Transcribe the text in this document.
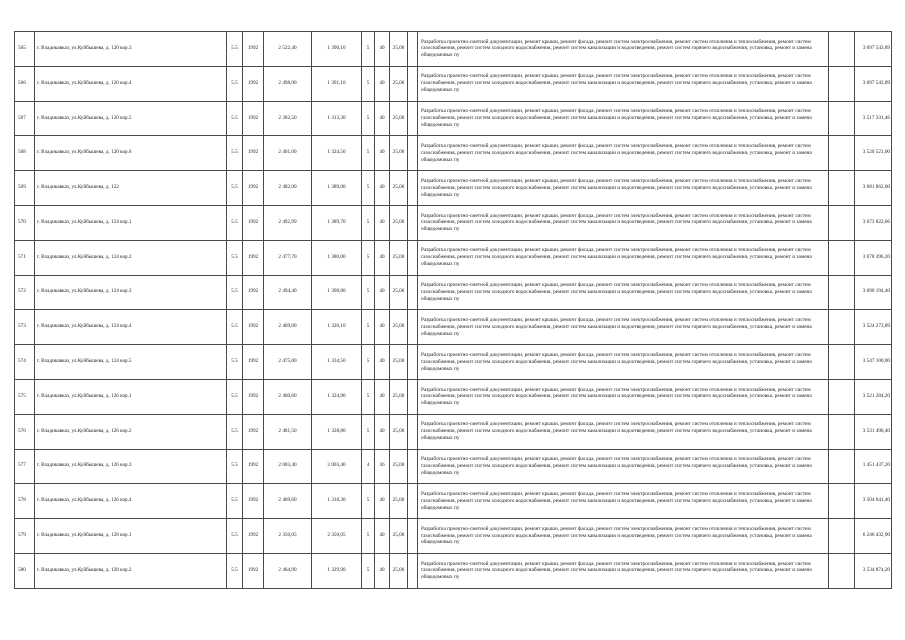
565	г. Владикавказ, ул.Куйбышева, д. 120 кор.3	5.5	1992	2 522,40	1 390,10	5	40	25,00		Разработка проектно-сметной документации, ремонт крыши, ремонт фасада, ремонт систем электроснабжения, ремонт систем отопления и теплоснабжения, ремонт систем газоснабжения, ремонт систем холодного водоснабжения, ремонт систем канализации и водоотведения, ремонт систем горячего водоснабжения, установка, ремонт и замена общедомовых пу		3 697 543,89
566	г. Владикавказ, ул.Куйбышева, д. 120 кор.4	5.5	1992	2 498,00	1 391,10	5	40	25,00		Разработка проектно-сметной документации, ремонт крыши, ремонт фасада, ремонт систем электроснабжения, ремонт систем отопления и теплоснабжения, ремонт систем газоснабжения, ремонт систем холодного водоснабжения, ремонт систем канализации и водоотведения, ремонт систем горячего водоснабжения, установка, ремонт и замена общедомовых пу		3 697 543,89
567	г. Владикавказ, ул.Куйбышева, д. 120 кор.5	5.5	1992	2 382,50	1 313,30	5	40	25,00		Разработка проектно-сметной документации, ремонт крыши, ремонт фасада, ремонт систем электроснабжения, ремонт систем отопления и теплоснабжения, ремонт систем газоснабжения, ремонт систем холодного водоснабжения, ремонт систем канализации и водоотведения, ремонт систем горячего водоснабжения, установка, ремонт и замена общедомовых пу		3 517 331,46
568	г. Владикавказ, ул.Куйбышева, д. 120 кор.6	5.5	1992	2 401,00	1 324,50	5	40	25,00		Разработка проектно-сметной документации, ремонт крыши, ремонт фасада, ремонт систем электроснабжения, ремонт систем отопления и теплоснабжения, ремонт систем газоснабжения, ремонт систем холодного водоснабжения, ремонт систем канализации и водоотведения, ремонт систем горячего водоснабжения, установка, ремонт и замена общедомовых пу		3 520 521,00
569	г. Владикавказ, ул.Куйбышева, д. 122	5.5	1992	2 482,00	1 389,00	5	40	25,00		Разработка проектно-сметной документации, ремонт крыши, ремонт фасада, ремонт систем электроснабжения, ремонт систем отопления и теплоснабжения, ремонт систем газоснабжения, ремонт систем холодного водоснабжения, ремонт систем канализации и водоотведения, ремонт систем горячего водоснабжения, установка, ремонт и замена общедомовых пу		3 681 862,00
570	г. Владикавказ, ул.Куйбышева, д. 124 кор.1	5.5	1992	2 492,99	1 389,70	5	40	25,00		Разработка проектно-сметной документации, ремонт крыши, ремонт фасада, ремонт систем электроснабжения, ремонт систем отопления и теплоснабжения, ремонт систем газоснабжения, ремонт систем холодного водоснабжения, ремонт систем канализации и водоотведения, ремонт систем горячего водоснабжения, установка, ремонт и замена общедомовых пу		3 673 822,66
571	г. Владикавказ, ул.Куйбышева, д. 124 кор.2	5.5	1992	2 477,70	1 380,00	5	40	25,00		Разработка проектно-сметной документации, ремонт крыши, ремонт фасада, ремонт систем электроснабжения, ремонт систем отопления и теплоснабжения, ремонт систем газоснабжения, ремонт систем холодного водоснабжения, ремонт систем канализации и водоотведения, ремонт систем горячего водоснабжения, установка, ремонт и замена общедомовых пу		3 678 396,20
572	г. Владикавказ, ул.Куйбышева, д. 124 кор.3	5.5	1992	2 494,40	1 398,80	5	40	25,00		Разработка проектно-сметной документации, ремонт крыши, ремонт фасада, ремонт систем электроснабжения, ремонт систем отопления и теплоснабжения, ремонт систем газоснабжения, ремонт систем холодного водоснабжения, ремонт систем канализации и водоотведения, ремонт систем горячего водоснабжения, установка, ремонт и замена общедомовых пу		3 690 194,40
573	г. Владикавказ, ул.Куйбышева, д. 124 кор.4	5.5	1992	2 469,00	1 326,10	5	40	25,00		Разработка проектно-сметной документации, ремонт крыши, ремонт фасада, ремонт систем электроснабжения, ремонт систем отопления и теплоснабжения, ремонт систем газоснабжения, ремонт систем холодного водоснабжения, ремонт систем канализации и водоотведения, ремонт систем горячего водоснабжения, установка, ремонт и замена общедомовых пу		3 524 273,89
574	г. Владикавказ, ул.Куйбышева, д. 124 кор.5	5.5	1992	2 475,00	1 334,50	5	40	25,00		Разработка проектно-сметной документации, ремонт крыши, ремонт фасада, ремонт систем электроснабжения, ремонт систем отопления и теплоснабжения, ремонт систем газоснабжения, ремонт систем холодного водоснабжения, ремонт систем канализации и водоотведения, ремонт систем горячего водоснабжения, установка, ремонт и замена общедомовых пу		3 547 100,00
575	г. Владикавказ, ул.Куйбышева, д. 126 кор.1	5.5	1992	2 460,60	1 324,90	5	40	25,00		Разработка проектно-сметной документации, ремонт крыши, ремонт фасада, ремонт систем электроснабжения, ремонт систем отопления и теплоснабжения, ремонт систем газоснабжения, ремонт систем холодного водоснабжения, ремонт систем канализации и водоотведения, ремонт систем горячего водоснабжения, установка, ремонт и замена общедомовых пу		3 521 284,20
576	г. Владикавказ, ул.Куйбышева, д. 126 кор.2	5.5	1992	2 481,50	1 328,80	5	40	25,00		Разработка проектно-сметной документации, ремонт крыши, ремонт фасада, ремонт систем электроснабжения, ремонт систем отопления и теплоснабжения, ремонт систем газоснабжения, ремонт систем холодного водоснабжения, ремонт систем канализации и водоотведения, ремонт систем горячего водоснабжения, установка, ремонт и замена общедомовых пу		3 531 490,40
577	г. Владикавказ, ул.Куйбышева, д. 126 кор.3	5.5	1992	2 003,40	2 003,40	4	36	25,00		Разработка проектно-сметной документации, ремонт крыши, ремонт фасада, ремонт систем электроснабжения, ремонт систем отопления и теплоснабжения, ремонт систем газоснабжения, ремонт систем холодного водоснабжения, ремонт систем канализации и водоотведения, ремонт систем горячего водоснабжения, установка, ремонт и замена общедомовых пу		1 451 437,20
578	г. Владикавказ, ул.Куйбышева, д. 126 кор.4	5.5	1992	2 469,60	1 318,30	5	40	25,00		Разработка проектно-сметной документации, ремонт крыши, ремонт фасада, ремонт систем электроснабжения, ремонт систем отопления и теплоснабжения, ремонт систем газоснабжения, ремонт систем холодного водоснабжения, ремонт систем канализации и водоотведения, ремонт систем горячего водоснабжения, установка, ремонт и замена общедомовых пу		3 504 041,40
579	г. Владикавказ, ул.Куйбышева, д. 128 кор.1	5.5	1992	2 350,05	2 350,05	5	40	25,00		Разработка проектно-сметной документации, ремонт крыши, ремонт фасада, ремонт систем электроснабжения, ремонт систем отопления и теплоснабжения, ремонт систем газоснабжения, ремонт систем холодного водоснабжения, ремонт систем канализации и водоотведения, ремонт систем горячего водоснабжения, установка, ремонт и замена общедомовых пу		6 246 432,90
580	г. Владикавказ, ул.Куйбышева, д. 128 кор.2	5.5	1992	2 464,90	1 329,90	5	40	25,00		Разработка проектно-сметной документации, ремонт крыши, ремонт фасада, ремонт систем электроснабжения, ремонт систем отопления и теплоснабжения, ремонт систем газоснабжения, ремонт систем холодного водоснабжения, ремонт систем канализации и водоотведения, ремонт систем горячего водоснабжения, установка, ремонт и замена общедомовых пу		3 534 874,20
